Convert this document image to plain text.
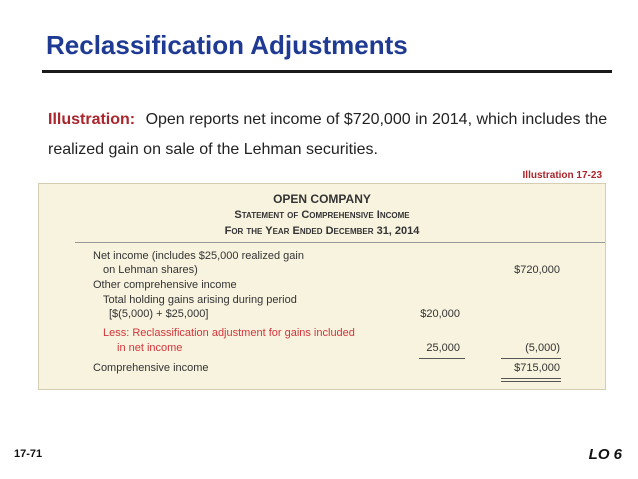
Reclassification Adjustments
Illustration: Open reports net income of $720,000 in 2014, which includes the realized gain on sale of the Lehman securities.
Illustration 17-23
OPEN COMPANY
Statement of Comprehensive Income
For the Year Ended December 31, 2014
Net income (includes $25,000 realized gain
on Lehman shares)	$720,000
Other comprehensive income
Total holding gains arising during period
[$(5,000) + $25,000]	$20,000
Less: Reclassification adjustment for gains included
in net income	25,000	(5,000)
Comprehensive income	$715,000
17-71	LO 6
